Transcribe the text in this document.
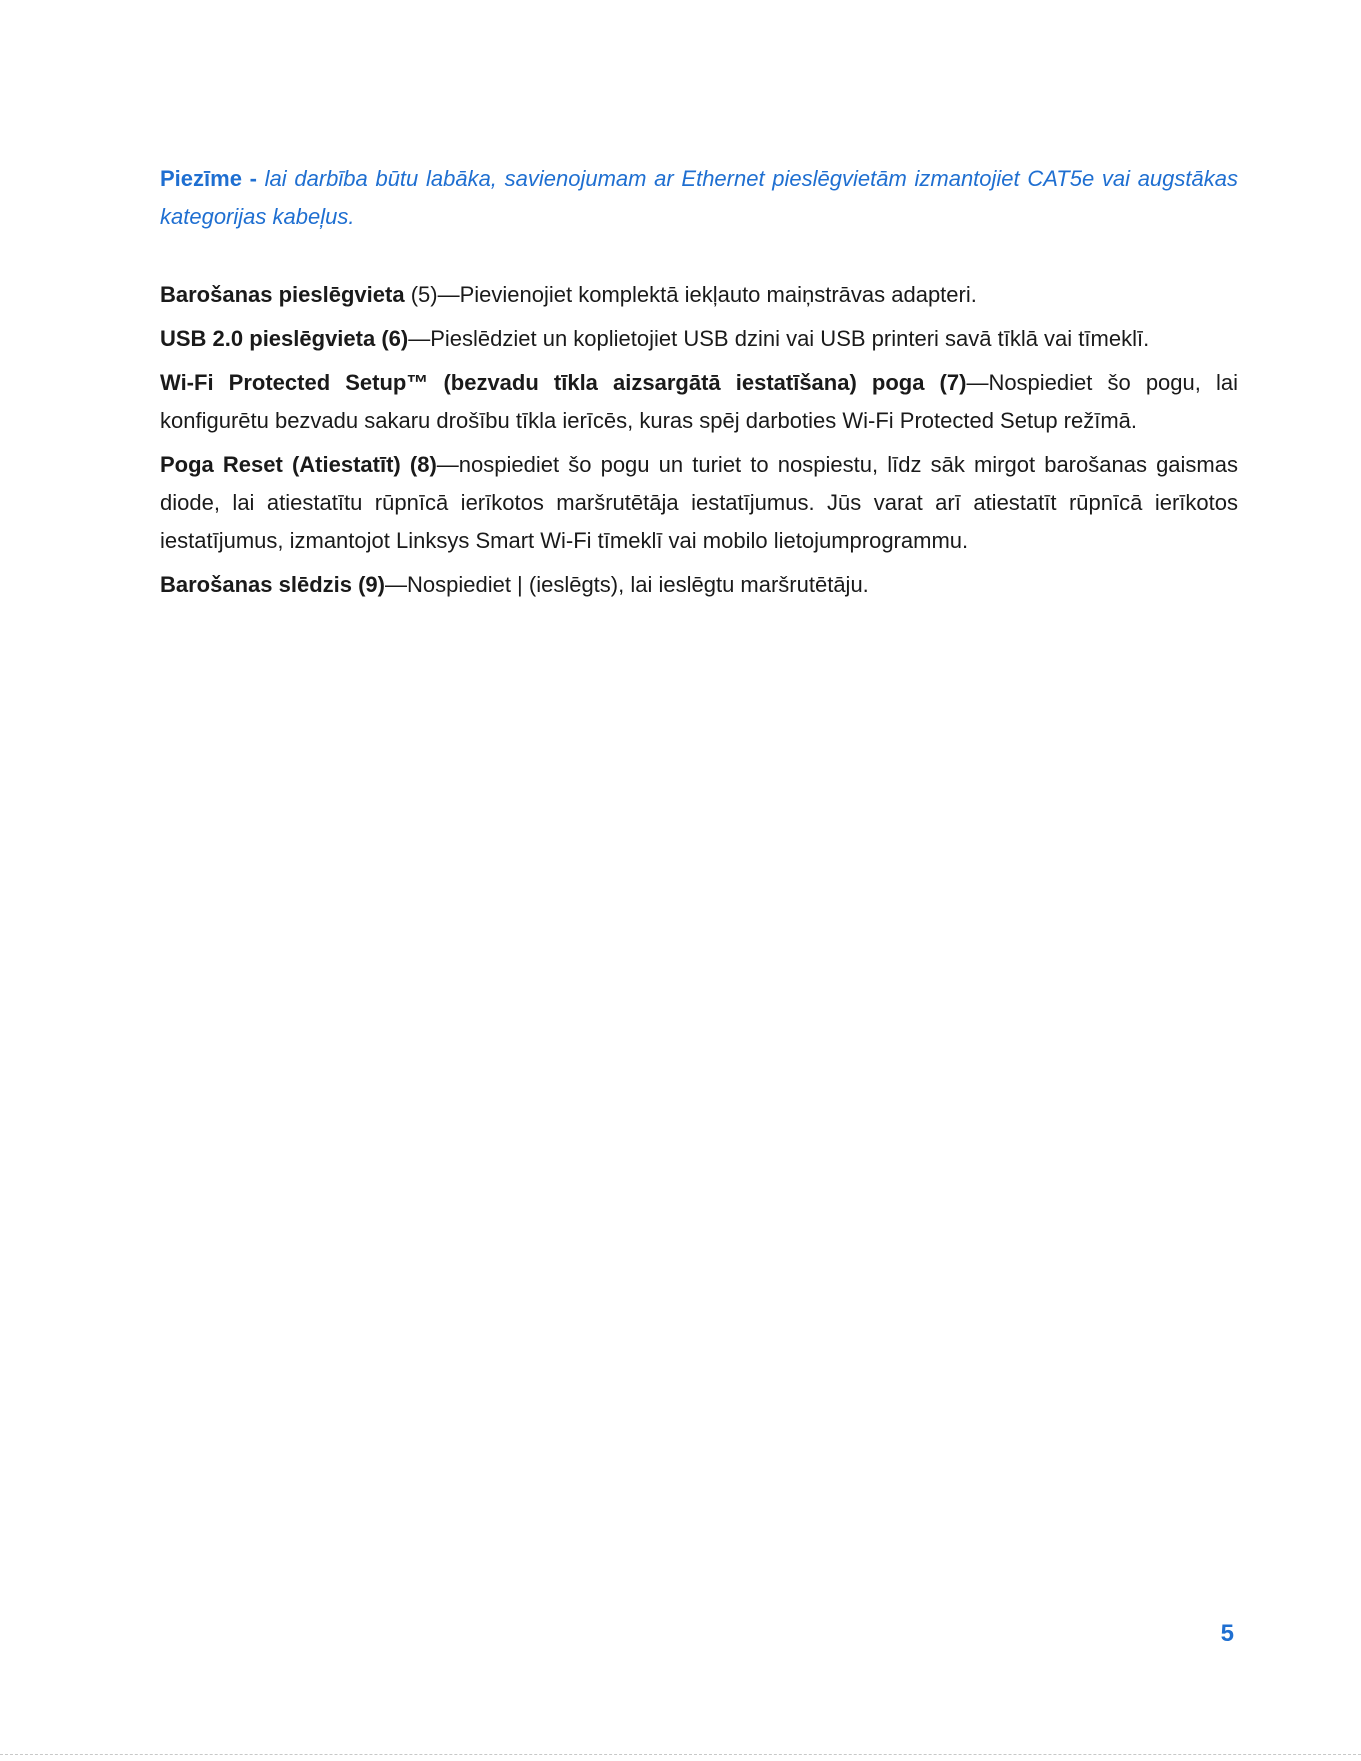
Piezīme - lai darbība būtu labāka, savienojumam ar Ethernet pieslēgvietām izmantojiet CAT5e vai augstākas kategorijas kabeļus.

Barošanas pieslēgvieta (5)—Pievienojiet komplektā iekļauto maiņstrāvas adapteri.

USB 2.0 pieslēgvieta (6)—Pieslēdziet un koplietojiet USB dzini vai USB printeri savā tīklā vai tīmeklī.

Wi-Fi Protected Setup™ (bezvadu tīkla aizsargātā iestatīšana) poga (7)—Nospiediet šo pogu, lai konfigurētu bezvadu sakaru drošību tīkla ierīcēs, kuras spēj darboties Wi-Fi Protected Setup režīmā.

Poga Reset (Atiestatīt) (8)—nospiediet šo pogu un turiet to nospiestu, līdz sāk mirgot barošanas gaismas diode, lai atiestatītu rūpnīcā ierīkotos maršrutētāja iestatījumus. Jūs varat arī atiestatīt rūpnīcā ierīkotos iestatījumus, izmantojot Linksys Smart Wi-Fi tīmeklī vai mobilo lietojumprogrammu.

Barošanas slēdzis (9)—Nospiediet | (ieslēgts), lai ieslēgtu maršrutētāju.

5
